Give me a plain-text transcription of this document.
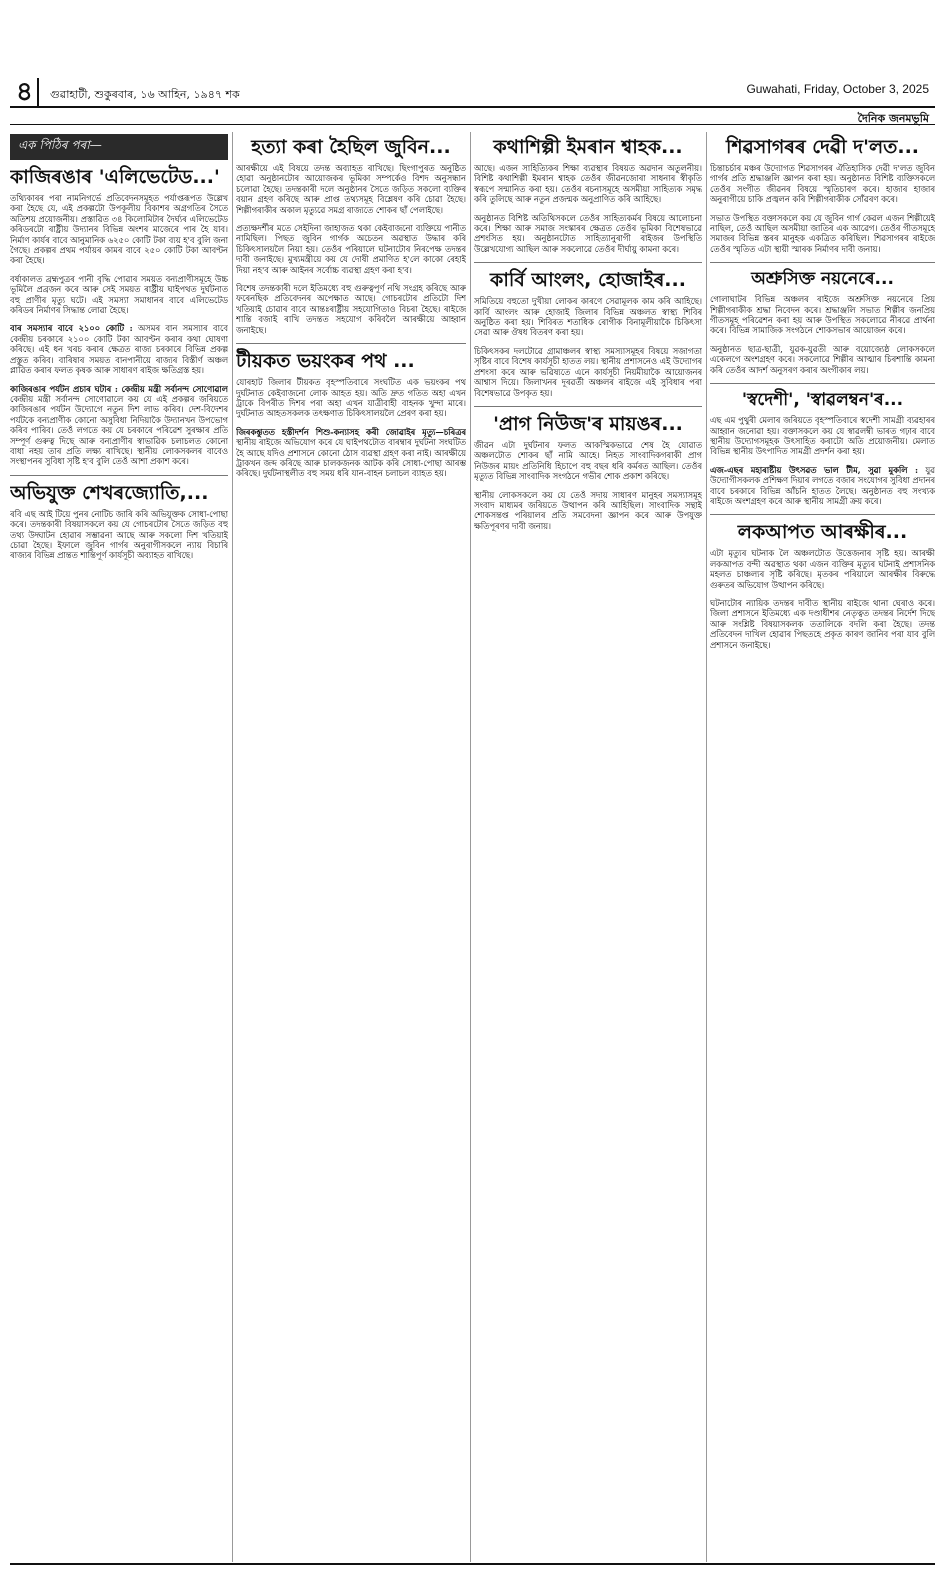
৪	গুৱাহাটী, শুকুৰবাৰ, ১৬ আহিন, ১৯৪৭ শক	Guwahati, Friday, October 3, 2025
দৈনিক জনমভূমি
এক পিঠিৰ পৰা—
কাজিৰঙাৰ 'এলিভেটেড...'

তথ্যিকাৰৰ পৰা নামনিগৰ্ভে প্ৰতিবেদনসমূহত পৰ্যাপ্তৰূপত উল্লেখ কৰা হৈছে যে, এই প্ৰকল্পটো উপকূলীয় বিকাশৰ অগ্ৰগতিৰ সৈতে অতিশয় প্ৰয়োজনীয়। প্ৰস্তাৱিত ৩৪ কিলোমিটাৰ দৈৰ্ঘ্যৰ এলিভেটেড কৰিডৰটো ৰাষ্ট্ৰীয় উদ্যানৰ বিভিন্ন অংশৰ মাজেৰে পাৰ হৈ যাব। নিৰ্মাণ কাৰ্যৰ বাবে আনুমানিক ৬২৫০ কোটি টকা ব্যয় হ'ব বুলি জনা গৈছে। প্ৰকল্পৰ প্ৰথম পৰ্যায়ৰ কামৰ বাবে ২৫০ কোটি টকা আবণ্টন কৰা হৈছে।

বৰ্ষাকালত ব্ৰহ্মপুত্ৰৰ পানী বৃদ্ধি পোৱাৰ সময়ত বন্যপ্ৰাণীসমূহে উচ্চ ভূমিলৈ প্ৰব্ৰজন কৰে আৰু সেই সময়ত ৰাষ্ট্ৰীয় ঘাইপথত দুৰ্ঘটনাত বহু প্ৰাণীৰ মৃত্যু ঘটে। এই সমস্যা সমাধানৰ বাবে এলিভেটেড কৰিডৰ নিৰ্মাণৰ সিদ্ধান্ত লোৱা হৈছে।

বাৰ সমস্যাৰ বাবে ২১০০ কোটি : অসমৰ বান সমস্যাৰ বাবে কেন্দ্ৰীয় চৰকাৰে ২১০০ কোটি টকা আবণ্টন কৰাৰ কথা ঘোষণা কৰিছে। এই ধন খৰচ কৰাৰ ক্ষেত্ৰত ৰাজ্য চৰকাৰে বিভিন্ন প্ৰকল্প প্ৰস্তুত কৰিব। বাৰিষাৰ সময়ত বানপানীয়ে ৰাজ্যৰ বিস্তীৰ্ণ অঞ্চল প্লাৱিত কৰাৰ ফলত কৃষক আৰু সাধাৰণ ৰাইজ ক্ষতিগ্ৰস্ত হয়।

কাজিৰঙাৰ পৰ্যটন প্ৰচাৰ ঘটাৰ : কেন্দ্ৰীয় মন্ত্ৰী সৰ্বানন্দ সোণোৱাল কেন্দ্ৰীয় মন্ত্ৰী সৰ্বানন্দ সোণোৱালে কয় যে এই প্ৰকল্পৰ জৰিয়তে কাজিৰঙাৰ পৰ্যটন উদ্যোগে নতুন দিশ লাভ কৰিব। দেশ-বিদেশৰ পৰ্যটকে বন্যপ্ৰাণীক কোনো অসুবিধা নিদিয়াকৈ উদ্যানখন উপভোগ কৰিব পাৰিব। তেওঁ লগতে কয় যে চৰকাৰে পৰিৱেশ সুৰক্ষাৰ প্ৰতি সম্পূৰ্ণ গুৰুত্ব দিছে আৰু বন্যপ্ৰাণীৰ স্বাভাৱিক চলাচলত কোনো বাধা নহয় তাৰ প্ৰতি লক্ষ্য ৰাখিছে। স্থানীয় লোকসকলৰ বাবেও সংস্থাপনৰ সুবিধা সৃষ্টি হ'ব বুলি তেওঁ আশা প্ৰকাশ কৰে।

অভিযুক্ত শেখৰজ্যোতি,...

ৰবি এছ আই টিয়ে পুনৰ নোটিচ জাৰি কৰি অভিযুক্তক সোধা-পোছা কৰে। তদন্তকাৰী বিষয়াসকলে কয় যে গোচৰটোৰ সৈতে জড়িত বহু তথ্য উদ্ঘাটন হোৱাৰ সম্ভাৱনা আছে আৰু সকলো দিশ খতিয়াই চোৱা হৈছে। ইফালে জুবিন গাৰ্গৰ অনুৰাগীসকলে ন্যায় বিচাৰি ৰাজ্যৰ বিভিন্ন প্ৰান্তত শান্তিপূৰ্ণ কাৰ্যসূচী অব্যাহত ৰাখিছে।

হত্যা কৰা হৈছিল জুবিন...

আৰক্ষীয়ে এই বিষয়ে তদন্ত অব্যাহত ৰাখিছে। ছিংগাপুৰত অনুষ্ঠিত হোৱা অনুষ্ঠানটোৰ আয়োজকৰ ভূমিকা সম্পৰ্কেও বিশদ অনুসন্ধান চলোৱা হৈছে। তদন্তকাৰী দলে অনুষ্ঠানৰ সৈতে জড়িত সকলো ব্যক্তিৰ বয়ান গ্ৰহণ কৰিছে আৰু প্ৰাপ্ত তথ্যসমূহ বিশ্লেষণ কৰি চোৱা হৈছে। শিল্পীগৰাকীৰ অকাল মৃত্যুৱে সমগ্ৰ ৰাজ্যতে শোকৰ ছাঁ পেলাইছে।

প্ৰত্যক্ষদৰ্শীৰ মতে সেইদিনা জাহাজত থকা কেইবাজনো ব্যক্তিয়ে পানীত নামিছিল। পিছত জুবিন গাৰ্গক অচেতন অৱস্থাত উদ্ধাৰ কৰি চিকিৎসালয়লৈ নিয়া হয়। তেওঁৰ পৰিয়ালে ঘটনাটোৰ নিৰপেক্ষ তদন্তৰ দাবী জনাইছে। মুখ্যমন্ত্ৰীয়ে কয় যে দোষী প্ৰমাণিত হ'লে কাকো ৰেহাই দিয়া নহ'ব আৰু আইনৰ সৰ্বোচ্চ ব্যৱস্থা গ্ৰহণ কৰা হ'ব।

বিশেষ তদন্তকাৰী দলে ইতিমধ্যে বহু গুৰুত্বপূৰ্ণ নথি সংগ্ৰহ কৰিছে আৰু ফৰেনছিক প্ৰতিবেদনৰ অপেক্ষাত আছে। গোচৰটোৰ প্ৰতিটো দিশ খতিয়াই চোৱাৰ বাবে আন্তঃৰাষ্ট্ৰীয় সহযোগিতাও বিচৰা হৈছে। ৰাইজে শান্তি বজাই ৰাখি তদন্তত সহযোগ কৰিবলৈ আৰক্ষীয়ে আহ্বান জনাইছে।

টীয়কত ভয়ংকৰ পথ ...

যোৰহাট জিলাৰ টীয়কত বৃহস্পতিবাৰে সংঘটিত এক ভয়ংকৰ পথ দুৰ্ঘটনাত কেইবাজনো লোক আহত হয়। অতি দ্ৰুত গতিত অহা এখন ট্ৰাকে বিপৰীত দিশৰ পৰা অহা এখন যাত্ৰীবাহী বাহনক খুন্দা মাৰে। দুৰ্ঘটনাত আহতসকলক তৎক্ষণাত চিকিৎসালয়লৈ প্ৰেৰণ কৰা হয়।

জিৰকশ্তুতত হস্তীদৰ্শন শিশু-কন্যাসহ কৰী জোৱাইৰ মৃত্যু—চৰিত্ৰৰ স্থানীয় ৰাইজে অভিযোগ কৰে যে ঘাইপথটোত বাৰম্বাৰ দুৰ্ঘটনা সংঘটিত হৈ আছে যদিও প্ৰশাসনে কোনো ঠোস ব্যৱস্থা গ্ৰহণ কৰা নাই। আৰক্ষীয়ে ট্ৰাকখন জব্দ কৰিছে আৰু চালকজনক আটক কৰি সোধা-পোছা আৰম্ভ কৰিছে। দুৰ্ঘটনাস্থলীত বহু সময় ধৰি যান-বাহন চলাচল ব্যাহত হয়।

কথাশিল্পী ইমৰান শ্বাহক...

আছে। এজন সাহিত্যিকৰ শিক্ষা ব্যৱস্থাৰ বিষয়ত অৱদান অতুলনীয়। বিশিষ্ট কথাশিল্পী ইমৰান শ্বাহক তেওঁৰ জীৱনজোৰা সাধনাৰ স্বীকৃতি স্বৰূপে সন্মানিত কৰা হয়। তেওঁৰ ৰচনাসমূহে অসমীয়া সাহিত্যক সমৃদ্ধ কৰি তুলিছে আৰু নতুন প্ৰজন্মক অনুপ্ৰাণিত কৰি আহিছে।

অনুষ্ঠানত বিশিষ্ট অতিথিসকলে তেওঁৰ সাহিত্যকৰ্মৰ বিষয়ে আলোচনা কৰে। শিক্ষা আৰু সমাজ সংস্কাৰৰ ক্ষেত্ৰত তেওঁৰ ভূমিকা বিশেষভাৱে প্ৰশংসিত হয়। অনুষ্ঠানটোত সাহিত্যানুৰাগী ৰাইজৰ উপস্থিতি উল্লেখযোগ্য আছিল আৰু সকলোৱে তেওঁৰ দীৰ্ঘায়ু কামনা কৰে।

কাৰ্বি আংলং, হোজাইৰ...

সমিতিয়ে বহুতো দুখীয়া লোকৰ কাৰণে সেৱামূলক কাম কৰি আহিছে। কাৰ্বি আংলং আৰু হোজাই জিলাৰ বিভিন্ন অঞ্চলত স্বাস্থ্য শিবিৰ অনুষ্ঠিত কৰা হয়। শিবিৰত শতাধিক ৰোগীক বিনামূলীয়াকৈ চিকিৎসা সেৱা আৰু ঔষধ বিতৰণ কৰা হয়।

চিকিৎসকৰ দলটোৱে গ্ৰামাঞ্চলৰ স্বাস্থ্য সমস্যাসমূহৰ বিষয়ে সজাগতা সৃষ্টিৰ বাবে বিশেষ কাৰ্যসূচী হাতত লয়। স্থানীয় প্ৰশাসনেও এই উদ্যোগৰ প্ৰশংসা কৰে আৰু ভৱিষ্যতে এনে কাৰ্যসূচী নিয়মীয়াকৈ আয়োজনৰ আশ্বাস দিয়ে। জিলাখনৰ দূৰৱৰ্তী অঞ্চলৰ ৰাইজে এই সুবিধাৰ পৰা বিশেষভাৱে উপকৃত হয়।

'প্ৰাগ নিউজ'ৰ মায়ঙৰ...

জীৱন এটা দুৰ্ঘটনাৰ ফলত আকস্মিকভাৱে শেষ হৈ যোৱাত অঞ্চলটোত শোকৰ ছাঁ নামি আহে। নিহত সাংবাদিকগৰাকী প্ৰাগ নিউজৰ মায়ং প্ৰতিনিধি হিচাপে বহু বছৰ ধৰি কৰ্মৰত আছিল। তেওঁৰ মৃত্যুত বিভিন্ন সাংবাদিক সংগঠনে গভীৰ শোক প্ৰকাশ কৰিছে।

স্থানীয় লোকসকলে কয় যে তেওঁ সদায় সাধাৰণ মানুহৰ সমস্যাসমূহ সংবাদ মাধ্যমৰ জৰিয়তে উত্থাপন কৰি আহিছিল। সাংবাদিক সন্থাই শোকসন্তপ্ত পৰিয়ালৰ প্ৰতি সমবেদনা জ্ঞাপন কৰে আৰু উপযুক্ত ক্ষতিপূৰণৰ দাবী জনায়।

শিৱসাগৰৰ দেৱী দ'লত...

চিন্তাচৰ্চাৰ মঞ্চৰ উদ্যোগত শিৱসাগৰৰ ঐতিহাসিক দেৱী দ'লত জুবিন গাৰ্গৰ প্ৰতি শ্ৰদ্ধাঞ্জলি জ্ঞাপন কৰা হয়। অনুষ্ঠানত বিশিষ্ট ব্যক্তিসকলে তেওঁৰ সংগীত জীৱনৰ বিষয়ে স্মৃতিচাৰণ কৰে। হাজাৰ হাজাৰ অনুৰাগীয়ে চাকি প্ৰজ্বলন কৰি শিল্পীগৰাকীক সোঁৱৰণ কৰে।

সভাত উপস্থিত বক্তাসকলে কয় যে জুবিন গাৰ্গ কেৱল এজন শিল্পীয়েই নাছিল, তেওঁ আছিল অসমীয়া জাতিৰ এক আৱেগ। তেওঁৰ গীতসমূহে সমাজৰ বিভিন্ন স্তৰৰ মানুহক একত্ৰিত কৰিছিল। শিৱসাগৰৰ ৰাইজে তেওঁৰ স্মৃতিত এটা স্থায়ী স্মাৰক নিৰ্মাণৰ দাবী জনায়।

অশ্ৰুসিক্ত নয়নেৰে...

গোলাঘাটৰ বিভিন্ন অঞ্চলৰ ৰাইজে অশ্ৰুসিক্ত নয়নেৰে প্ৰিয় শিল্পীগৰাকীক শ্ৰদ্ধা নিবেদন কৰে। শ্ৰদ্ধাঞ্জলি সভাত শিল্পীৰ জনপ্ৰিয় গীতসমূহ পৰিৱেশন কৰা হয় আৰু উপস্থিত সকলোৱে নীৰৱে প্ৰাৰ্থনা কৰে। বিভিন্ন সামাজিক সংগঠনে শোকসভাৰ আয়োজন কৰে।

অনুষ্ঠানত ছাত্ৰ-ছাত্ৰী, যুৱক-যুৱতী আৰু বয়োজ্যেষ্ঠ লোকসকলে একেলগে অংশগ্ৰহণ কৰে। সকলোৱে শিল্পীৰ আত্মাৰ চিৰশান্তি কামনা কৰি তেওঁৰ আদৰ্শ অনুসৰণ কৰাৰ অংগীকাৰ লয়।

'স্বদেশী', 'স্বাৱলম্বন'ৰ...

এছ এম পুথুৰী মেলাৰ জৰিয়তে বৃহস্পতিবাৰে স্বদেশী সামগ্ৰী ব্যৱহাৰৰ আহ্বান জনোৱা হয়। বক্তাসকলে কয় যে স্বাৱলম্বী ভাৰত গঢ়াৰ বাবে স্থানীয় উদ্যোগসমূহক উৎসাহিত কৰাটো অতি প্ৰয়োজনীয়। মেলাত বিভিন্ন স্থানীয় উৎপাদিত সামগ্ৰী প্ৰদৰ্শন কৰা হয়।

এজ-এছৰ মহাৰাষ্টীয় উৎসৱত ভাল টীম, সুৱা মুকলি : যুৱ উদ্যোগীসকলক প্ৰশিক্ষণ দিয়াৰ লগতে বজাৰ সংযোগৰ সুবিধা প্ৰদানৰ বাবে চৰকাৰে বিভিন্ন আঁচনি হাতত লৈছে। অনুষ্ঠানত বহু সংখ্যক ৰাইজে অংশগ্ৰহণ কৰে আৰু স্থানীয় সামগ্ৰী ক্ৰয় কৰে।

লকআপত আৰক্ষীৰ...

এটা মৃত্যুৰ ঘটনাক লৈ অঞ্চলটোত উত্তেজনাৰ সৃষ্টি হয়। আৰক্ষী লকআপত বন্দী অৱস্থাত থকা এজন ব্যক্তিৰ মৃত্যুৰ ঘটনাই প্ৰশাসনিক মহলত চাঞ্চল্যৰ সৃষ্টি কৰিছে। মৃতকৰ পৰিয়ালে আৰক্ষীৰ বিৰুদ্ধে গুৰুতৰ অভিযোগ উত্থাপন কৰিছে।

ঘটনাটোৰ ন্যায়িক তদন্তৰ দাবীত স্থানীয় ৰাইজে থানা ঘেৰাও কৰে। জিলা প্ৰশাসনে ইতিমধ্যে এক দণ্ডাধীশৰ নেতৃত্বত তদন্তৰ নিৰ্দেশ দিছে আৰু সংশ্লিষ্ট বিষয়াসকলক ততালিকে বদলি কৰা হৈছে। তদন্ত প্ৰতিবেদন দাখিল হোৱাৰ পিছতহে প্ৰকৃত কাৰণ জানিব পৰা যাব বুলি প্ৰশাসনে জনাইছে।
